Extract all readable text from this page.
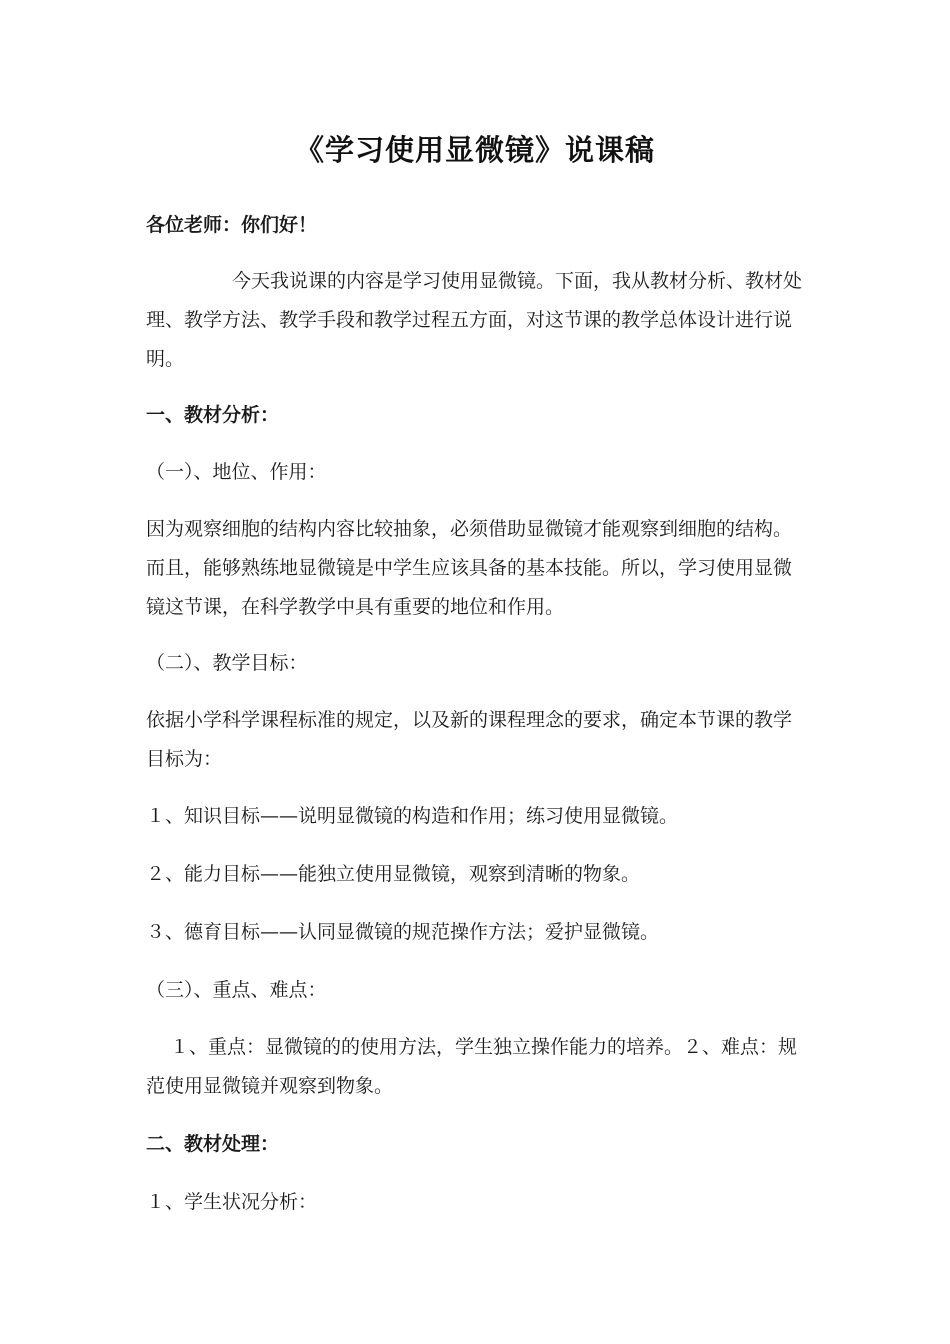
《学习使用显微镜》说课稿

各位老师：你们好！

今天我说课的内容是学习使用显微镜。下面，我从教材分析、教材处理、教学方法、教学手段和教学过程五方面，对这节课的教学总体设计进行说明。

一、教材分析：

（一）、地位、作用：

因为观察细胞的结构内容比较抽象，必须借助显微镜才能观察到细胞的结构。而且，能够熟练地显微镜是中学生应该具备的基本技能。所以，学习使用显微镜这节课，在科学教学中具有重要的地位和作用。

（二）、教学目标：

依据小学科学课程标准的规定，以及新的课程理念的要求，确定本节课的教学目标为：

１、知识目标——说明显微镜的构造和作用；练习使用显微镜。

２、能力目标——能独立使用显微镜，观察到清晰的物象。

３、德育目标——认同显微镜的规范操作方法；爱护显微镜。

（三）、重点、难点：

１、重点：显微镜的的使用方法，学生独立操作能力的培养。２、难点：规范使用显微镜并观察到物象。

二、教材处理：

１、学生状况分析：
